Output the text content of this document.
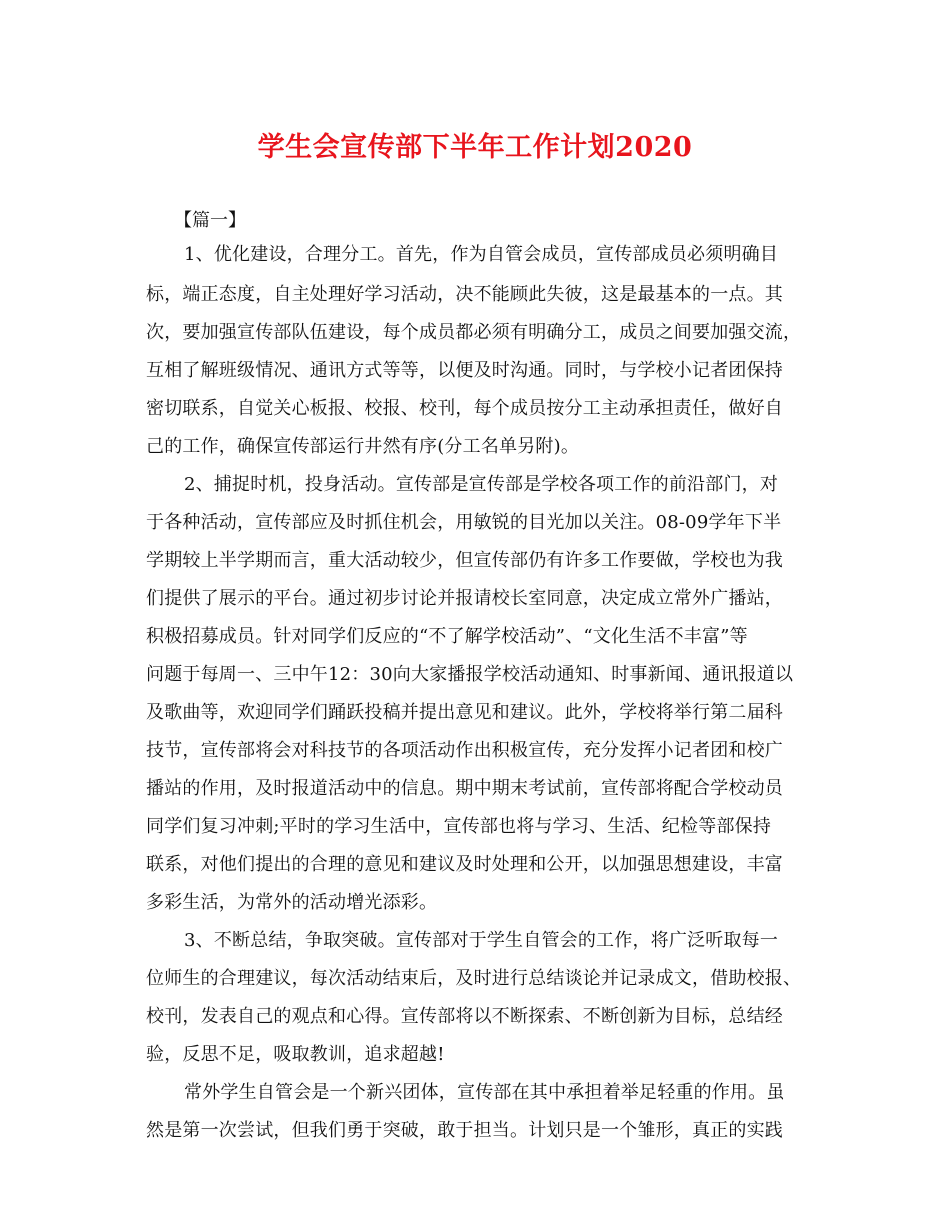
学生会宣传部下半年工作计划2020
【篇一】
1、优化建设，合理分工。首先，作为自管会成员，宣传部成员必须明确目
标，端正态度，自主处理好学习活动，决不能顾此失彼，这是最基本的一点。其
次，要加强宣传部队伍建设，每个成员都必须有明确分工，成员之间要加强交流，
互相了解班级情况、通讯方式等等，以便及时沟通。同时，与学校小记者团保持
密切联系，自觉关心板报、校报、校刊，每个成员按分工主动承担责任，做好自
己的工作，确保宣传部运行井然有序(分工名单另附)。
2、捕捉时机，投身活动。宣传部是宣传部是学校各项工作的前沿部门，对
于各种活动，宣传部应及时抓住机会，用敏锐的目光加以关注。08-09学年下半
学期较上半学期而言，重大活动较少，但宣传部仍有许多工作要做，学校也为我
们提供了展示的平台。通过初步讨论并报请校长室同意，决定成立常外广播站，
积极招募成员。针对同学们反应的“不了解学校活动”、“文化生活不丰富”等
问题于每周一、三中午12：30向大家播报学校活动通知、时事新闻、通讯报道以
及歌曲等，欢迎同学们踊跃投稿并提出意见和建议。此外，学校将举行第二届科
技节，宣传部将会对科技节的各项活动作出积极宣传，充分发挥小记者团和校广
播站的作用，及时报道活动中的信息。期中期末考试前，宣传部将配合学校动员
同学们复习冲刺;平时的学习生活中，宣传部也将与学习、生活、纪检等部保持
联系，对他们提出的合理的意见和建议及时处理和公开，以加强思想建设，丰富
多彩生活，为常外的活动增光添彩。
3、不断总结，争取突破。宣传部对于学生自管会的工作，将广泛听取每一
位师生的合理建议，每次活动结束后，及时进行总结谈论并记录成文，借助校报、
校刊，发表自己的观点和心得。宣传部将以不断探索、不断创新为目标，总结经
验，反思不足，吸取教训，追求超越!
常外学生自管会是一个新兴团体，宣传部在其中承担着举足轻重的作用。虽
然是第一次尝试，但我们勇于突破，敢于担当。计划只是一个雏形，真正的实践
